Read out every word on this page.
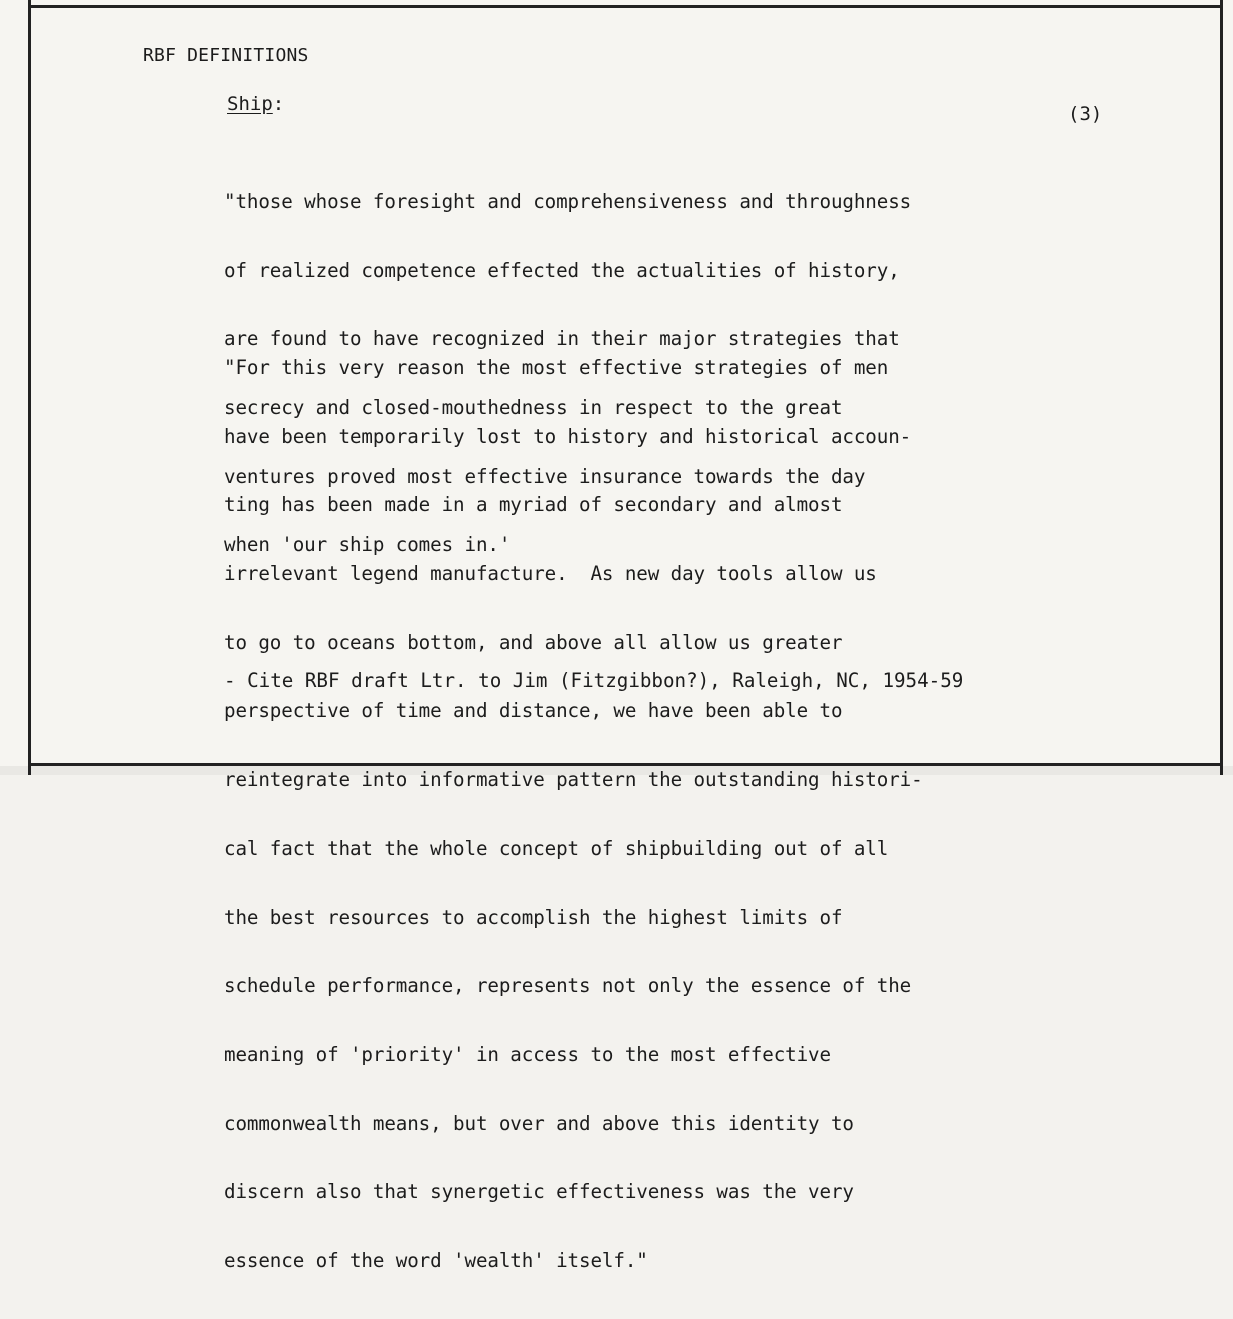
RBF DEFINITIONS
Ship:	(3)

"those whose foresight and comprehensiveness and throughness

of realized competence effected the actualities of history,

are found to have recognized in their major strategies that

secrecy and closed-mouthedness in respect to the great

ventures proved most effective insurance towards the day

when 'our ship comes in.'

"For this very reason the most effective strategies of men

have been temporarily lost to history and historical accoun-

ting has been made in a myriad of secondary and almost

irrelevant legend manufacture.  As new day tools allow us

to go to oceans bottom, and above all allow us greater

perspective of time and distance, we have been able to

reintegrate into informative pattern the outstanding histori-

cal fact that the whole concept of shipbuilding out of all

the best resources to accomplish the highest limits of

schedule performance, represents not only the essence of the

meaning of 'priority' in access to the most effective

commonwealth means, but over and above this identity to

discern also that synergetic effectiveness was the very

essence of the word 'wealth' itself."

- Cite RBF draft Ltr. to Jim (Fitzgibbon?), Raleigh, NC, 1954-59
